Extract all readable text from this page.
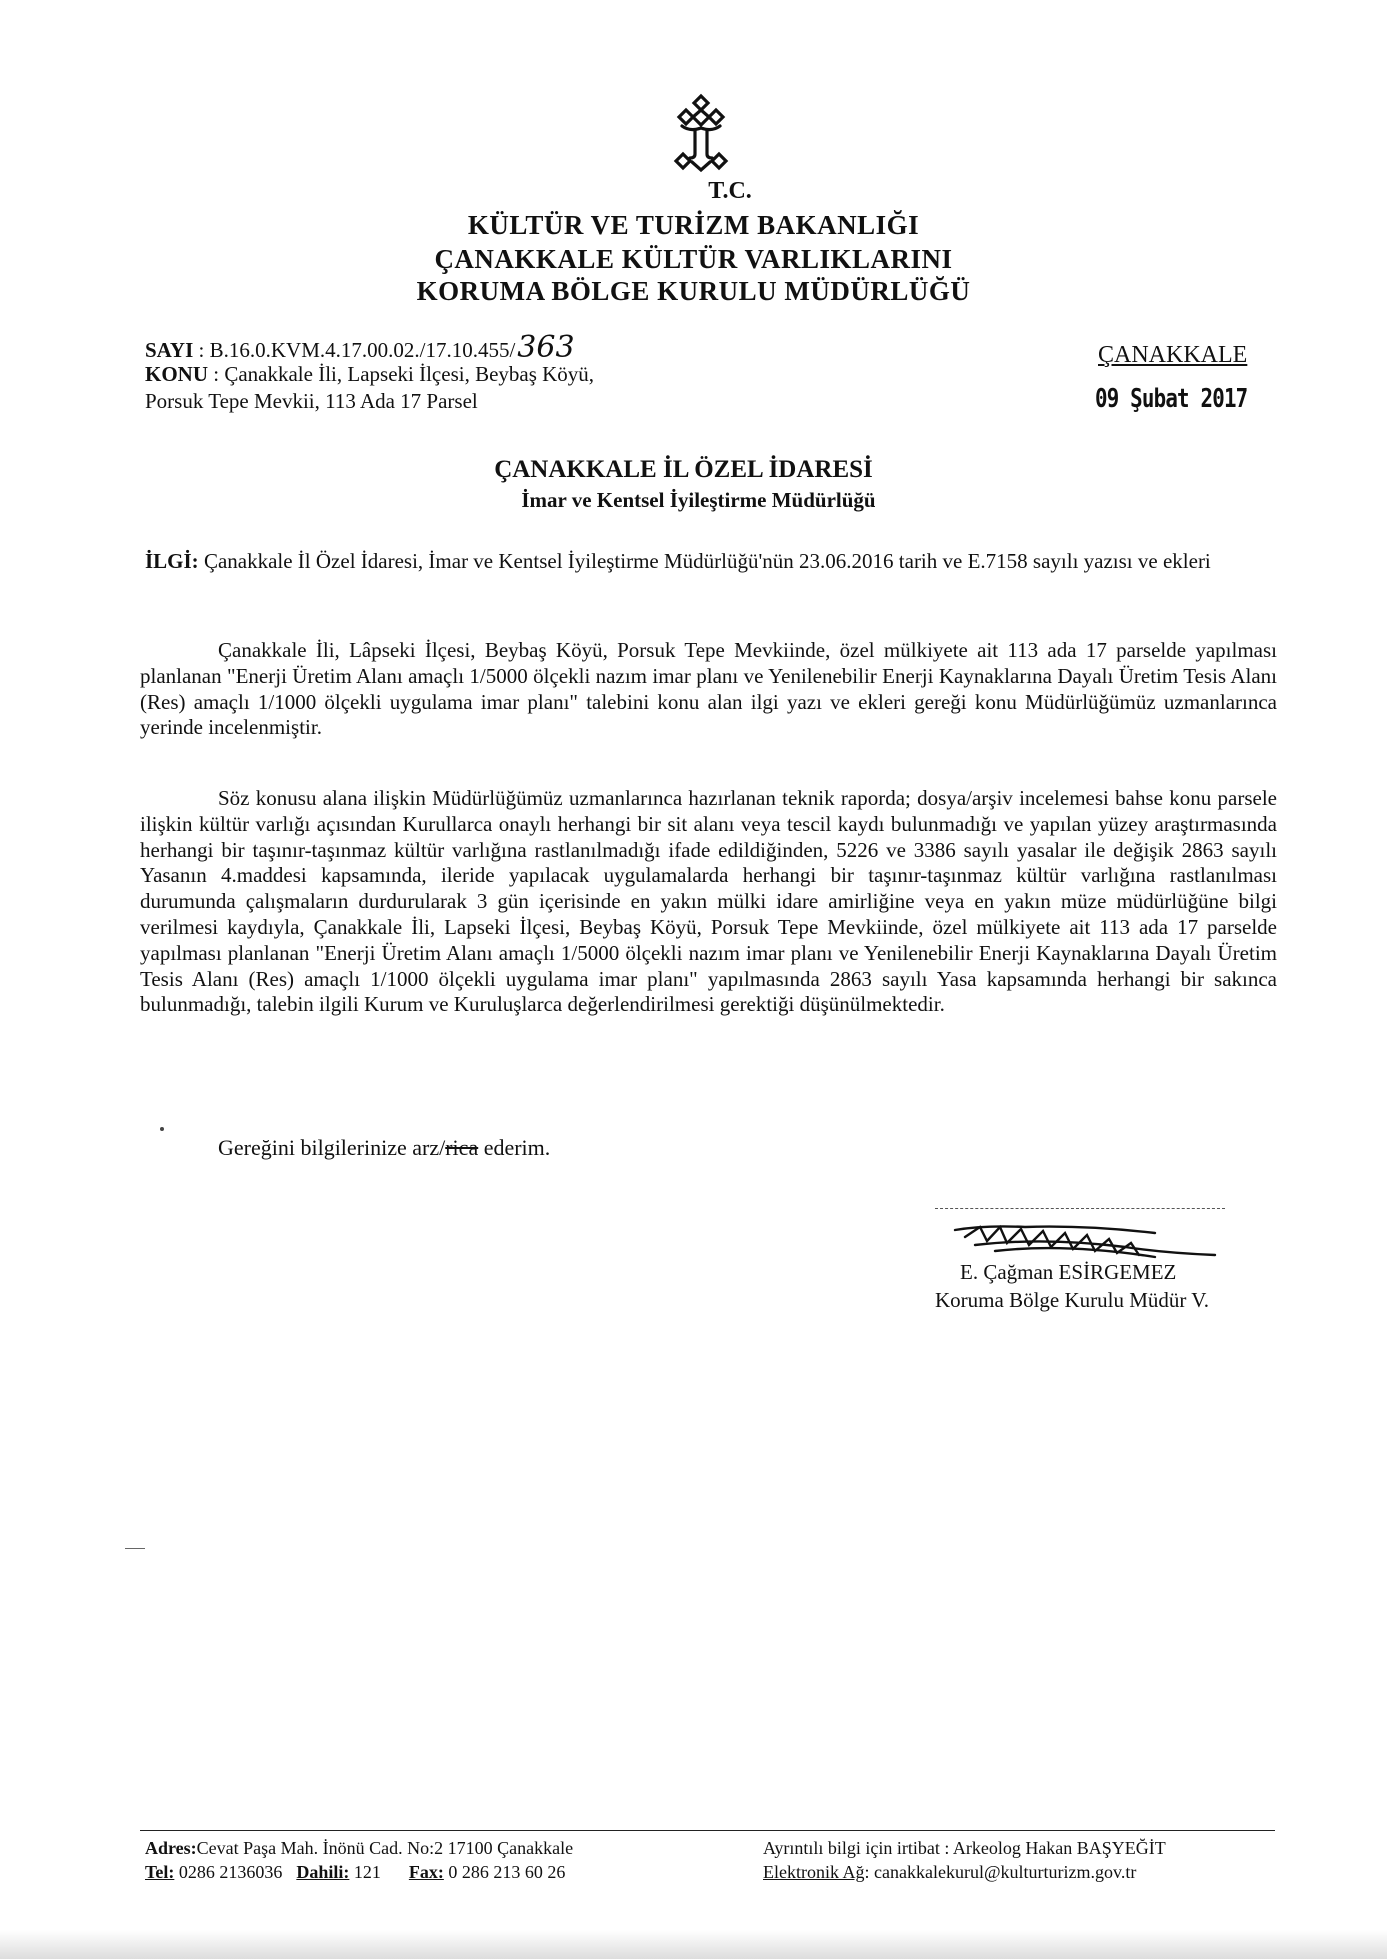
T.C.
KÜLTÜR VE TURİZM BAKANLIĞI
ÇANAKKALE KÜLTÜR VARLIKLARINI
KORUMA BÖLGE KURULU MÜDÜRLÜĞÜ
SAYI : B.16.0.KVM.4.17.00.02./17.10.455/363
KONU : Çanakkale İli, Lapseki İlçesi, Beybaş Köyü,
Porsuk Tepe Mevkii, 113 Ada 17 Parsel
ÇANAKKALE
09 Şubat 2017
ÇANAKKALE İL ÖZEL İDARESİ
İmar ve Kentsel İyileştirme Müdürlüğü
İLGİ: Çanakkale İl Özel İdaresi, İmar ve Kentsel İyileştirme Müdürlüğü'nün 23.06.2016 tarih ve E.7158 sayılı yazısı ve ekleri

Çanakkale İli, Lâpseki İlçesi, Beybaş Köyü, Porsuk Tepe Mevkiinde, özel mülkiyete ait 113 ada 17 parselde yapılması planlanan "Enerji Üretim Alanı amaçlı 1/5000 ölçekli nazım imar planı ve Yenilenebilir Enerji Kaynaklarına Dayalı Üretim Tesis Alanı (Res) amaçlı 1/1000 ölçekli uygulama imar planı" talebini konu alan ilgi yazı ve ekleri gereği konu Müdürlüğümüz uzmanlarınca yerinde incelenmiştir.

Söz konusu alana ilişkin Müdürlüğümüz uzmanlarınca hazırlanan teknik raporda; dosya/arşiv incelemesi bahse konu parsele ilişkin kültür varlığı açısından Kurullarca onaylı herhangi bir sit alanı veya tescil kaydı bulunmadığı ve yapılan yüzey araştırmasında herhangi bir taşınır-taşınmaz kültür varlığına rastlanılmadığı ifade edildiğinden, 5226 ve 3386 sayılı yasalar ile değişik 2863 sayılı Yasanın 4.maddesi kapsamında, ileride yapılacak uygulamalarda herhangi bir taşınır-taşınmaz kültür varlığına rastlanılması durumunda çalışmaların durdurularak 3 gün içerisinde en yakın mülki idare amirliğine veya en yakın müze müdürlüğüne bilgi verilmesi kaydıyla, Çanakkale İli, Lapseki İlçesi, Beybaş Köyü, Porsuk Tepe Mevkiinde, özel mülkiyete ait 113 ada 17 parselde yapılması planlanan "Enerji Üretim Alanı amaçlı 1/5000 ölçekli nazım imar planı ve Yenilenebilir Enerji Kaynaklarına Dayalı Üretim Tesis Alanı (Res) amaçlı 1/1000 ölçekli uygulama imar planı" yapılmasında 2863 sayılı Yasa kapsamında herhangi bir sakınca bulunmadığı, talebin ilgili Kurum ve Kuruluşlarca değerlendirilmesi gerektiği düşünülmektedir.

Gereğini bilgilerinize arz/rica ederim.
E. Çağman ESİRGEMEZ
Koruma Bölge Kurulu Müdür V.
Adres:Cevat Paşa Mah. İnönü Cad. No:2 17100 Çanakkale
Tel: 0286 2136036 Dahili: 121 Fax: 0 286 213 60 26
Ayrıntılı bilgi için irtibat : Arkeolog Hakan BAŞYEĞİT
Elektronik Ağ: canakkalekurul@kulturturizm.gov.tr
